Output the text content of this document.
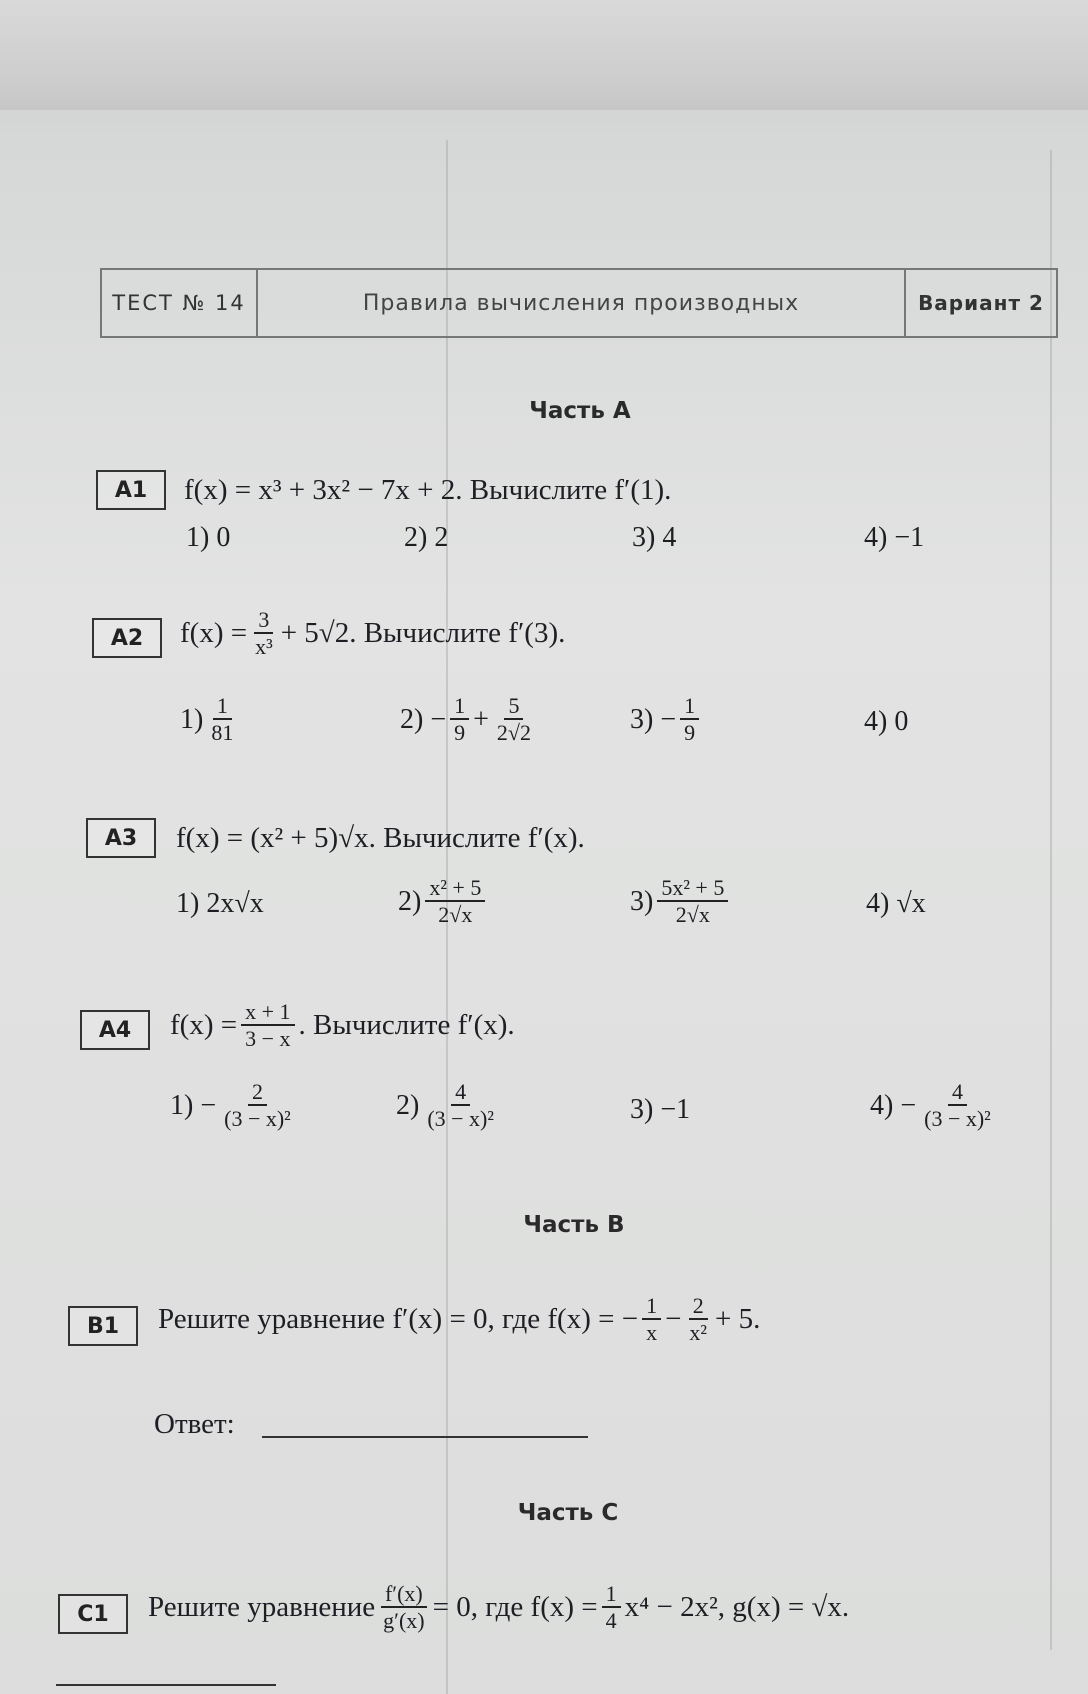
ТЕСТ № 14	Правила вычисления производных	Вариант 2
Часть А
A1	f(x) = x³ + 3x² − 7x + 2. Вычислите f′(1).
1) 0	2) 2	3) 4	4) −1
A2	$f(x) = \frac{3}{\text{x³}} + 5√2$. Вычислите f′(3).
$1) \frac{1}{81}$	$2) - \frac{1}{9} + \frac{5}{2√2}$	$3) - \frac{1}{9}$	4) 0
A3	f(x) = (x² + 5)√x. Вычислите f′(x).
1) 2x√x	$2) \frac{\text{x² + 5}}{2√x}$	$3) \frac{\text{5x² + 5}}{2√x}$	4) √x
A4	$f(x) = \frac{x + 1}{3 - x}$ . Вычислите f′(x).
$1) - \frac{2}{\text{(3 − x)²}}$	$2) \frac{4}{\text{(3 − x)²}}$	3) −1	$4) - \frac{4}{\text{(3 − x)²}}$
Часть В
B1	Решите уравнение f′(x) = 0, где f(x) = − $\frac{1}{x} - \frac{2}{\text{x²}} + 5$.
Ответ:
Часть С
C1	Решите уравнение $\frac{f'(x)}{g'(x)} = 0$, где $f(x) = \frac{1}{4} x^4 - 2x^2$, g(x) = √x.
